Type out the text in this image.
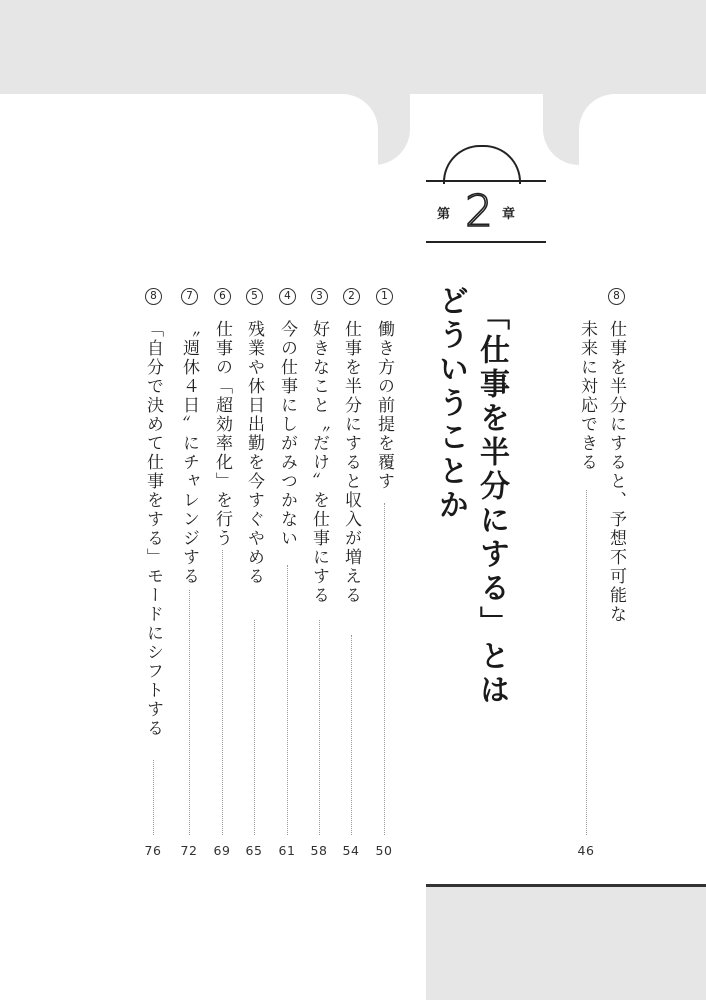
第 2 章
「仕事を半分にする」とは
どういうことか	8
仕事を半分にすると、予想不可能な
未来に対応できる
46
1
働き方の前提を覆す
50
2
仕事を半分にすると収入が増える
54
3
好きなこと〝だけ〟を仕事にする
58
4
今の仕事にしがみつかない
61
5
残業や休日出勤を今すぐやめる
65
6
仕事の「超効率化」を行う
69
7
〝週休４日〟にチャレンジする
72
8
「自分で決めて仕事をする」モードにシフトする
76
